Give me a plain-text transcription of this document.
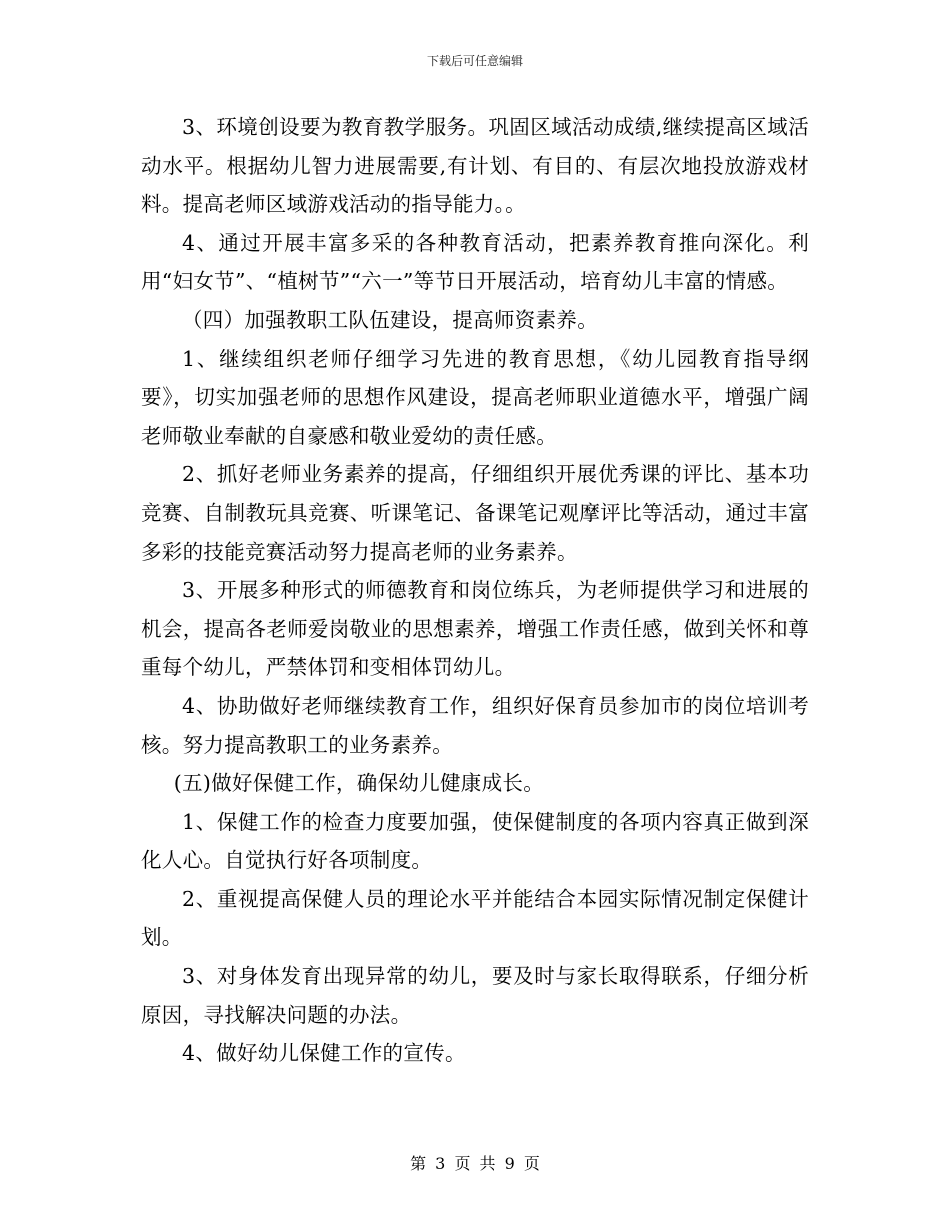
下载后可任意编辑

3、环境创设要为教育教学服务。巩固区域活动成绩,继续提高区域活动水平。根据幼儿智力进展需要,有计划、有目的、有层次地投放游戏材料。提高老师区域游戏活动的指导能力。。

4、通过开展丰富多采的各种教育活动，把素养教育推向深化。利用“妇女节”、“植树节”“六一”等节日开展活动，培育幼儿丰富的情感。

（四）加强教职工队伍建设，提高师资素养。

1、继续组织老师仔细学习先进的教育思想，《幼儿园教育指导纲要》，切实加强老师的思想作风建设，提高老师职业道德水平，增强广阔老师敬业奉献的自豪感和敬业爱幼的责任感。

2、抓好老师业务素养的提高，仔细组织开展优秀课的评比、基本功竞赛、自制教玩具竞赛、听课笔记、备课笔记观摩评比等活动，通过丰富多彩的技能竞赛活动努力提高老师的业务素养。

3、开展多种形式的师德教育和岗位练兵，为老师提供学习和进展的机会，提高各老师爱岗敬业的思想素养，增强工作责任感，做到关怀和尊重每个幼儿，严禁体罚和变相体罚幼儿。

4、协助做好老师继续教育工作，组织好保育员参加市的岗位培训考核。努力提高教职工的业务素养。

(五)做好保健工作，确保幼儿健康成长。

1、保健工作的检查力度要加强，使保健制度的各项内容真正做到深化人心。自觉执行好各项制度。

2、重视提高保健人员的理论水平并能结合本园实际情况制定保健计划。

3、对身体发育出现异常的幼儿，要及时与家长取得联系，仔细分析原因，寻找解决问题的办法。

4、做好幼儿保健工作的宣传。

第 3 页 共 9 页
